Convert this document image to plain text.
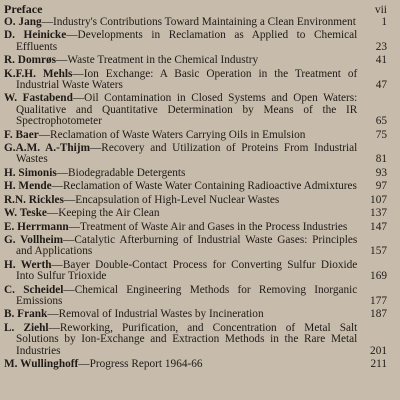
Preface	vii
O. Jang—Industry's Contributions Toward Maintaining a Clean Environment	1
D. Heinicke—Developments in Reclamation as Applied to Chemical Effluents	23
R. Domrøs—Waste Treatment in the Chemical Industry	41
K.F.H. Mehls—Ion Exchange: A Basic Operation in the Treatment of Industrial Waste Waters	47
W. Fastabend—Oil Contamination in Closed Systems and Open Waters: Qualitative and Quantitative Determination by Means of the IR Spectrophotometer	65
F. Baer—Reclamation of Waste Waters Carrying Oils in Emulsion	75
G.A.M. A.-Thijm—Recovery and Utilization of Proteins From Industrial Wastes	81
H. Simonis—Biodegradable Detergents	93
H. Mende—Reclamation of Waste Water Containing Radioactive Admixtures	97
R.N. Rickles—Encapsulation of High-Level Nuclear Wastes	107
W. Teske—Keeping the Air Clean	137
E. Herrmann—Treatment of Waste Air and Gases in the Process Industries	147
G. Vollheim—Catalytic Afterburning of Industrial Waste Gases: Principles and Applications	157
H. Werth—Bayer Double-Contact Process for Converting Sulfur Dioxide Into Sulfur Trioxide	169
C. Scheidel—Chemical Engineering Methods for Removing Inorganic Emissions	177
B. Frank—Removal of Industrial Wastes by Incineration	187
L. Ziehl—Reworking, Purification, and Concentration of Metal Salt Solutions by Ion-Exchange and Extraction Methods in the Rare Metal Industries	201
M. Wullinghoff—Progress Report 1964-66	211
